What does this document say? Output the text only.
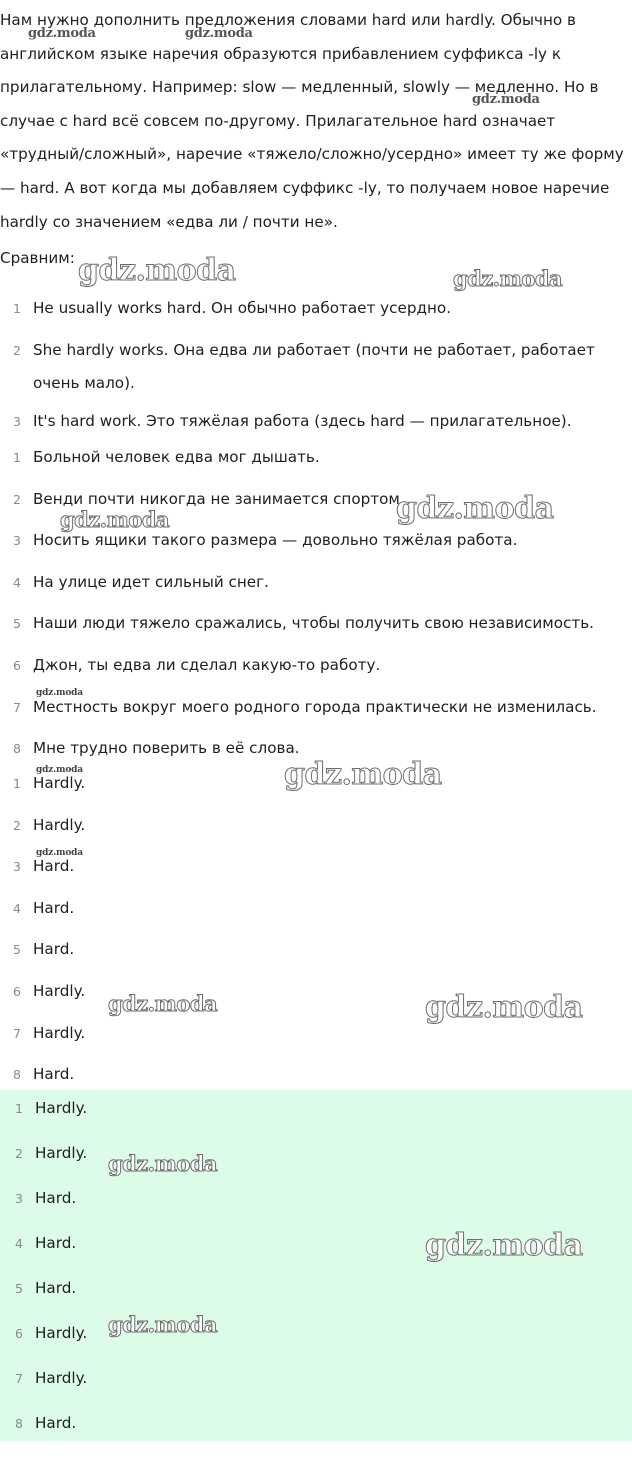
Нам нужно дополнить предложения словами hard или hardly. Обычно в английском языке наречия образуются прибавлением суффикса -ly к прилагательному. Например: slow — медленный, slowly — медленно. Но в случае с hard всё совсем по-другому. Прилагательное hard означает «трудный/сложный», наречие «тяжело/сложно/усердно» имеет ту же форму — hard. А вот когда мы добавляем суффикс -ly, то получаем новое наречие hardly со значением «едва ли / почти не».

Сравним:

1 He usually works hard. Он обычно работает усердно.
2 She hardly works. Она едва ли работает (почти не работает, работает очень мало).
3 It's hard work. Это тяжёлая работа (здесь hard — прилагательное).
1 Больной человек едва мог дышать.
2 Венди почти никогда не занимается спортом.
3 Носить ящики такого размера — довольно тяжёлая работа.
4 На улице идет сильный снег.
5 Наши люди тяжело сражались, чтобы получить свою независимость.
6 Джон, ты едва ли сделал какую-то работу.
7 Местность вокруг моего родного города практически не изменилась.
8 Мне трудно поверить в её слова.
1 Hardly.
2 Hardly.
3 Hard.
4 Hard.
5 Hard.
6 Hardly.
7 Hardly.
8 Hard.
1 Hardly.
2 Hardly.
3 Hard.
4 Hard.
5 Hard.
6 Hardly.
7 Hardly.
8 Hard.
gdz.moda	gdz.moda
gdz.moda
gdz.moda	gdz.moda
gdz.moda	gdz.moda
gdz.moda
gdz.moda	gdz.moda
gdz.moda
gdz.moda	gdz.moda
gdz.moda
gdz.moda
gdz.moda
